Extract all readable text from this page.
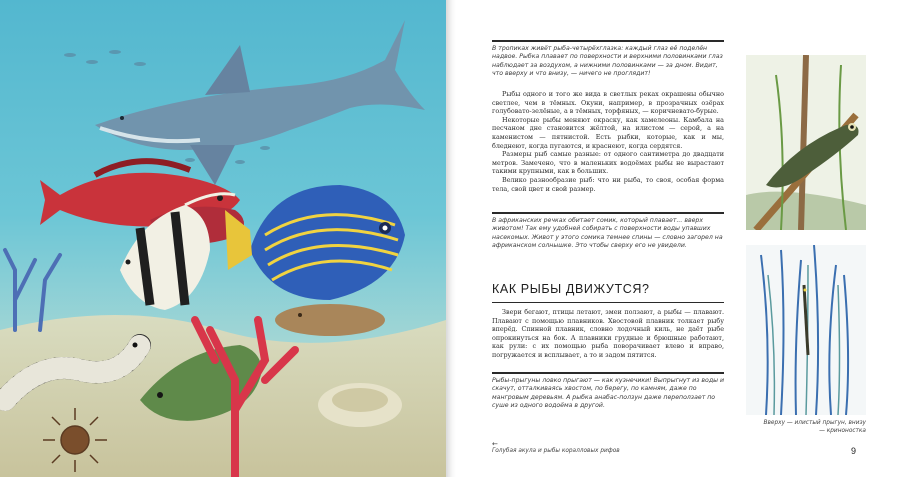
В тропиках живёт рыба-четырёхглазка: каждый глаз её поделён надвое. Рыбка плавает по поверхности и верхними половинками глаз наблюдает за воздухом, а нижними половинками — за дном. Видит, что вверху и что внизу, — ничего не проглядит!

Рыбы одного и того же вида в светлых реках окрашены обычно светлее, чем в тёмных. Окуни, например, в прозрачных озёрах голубовато-зелёные, а в тёмных, торфяных, — коричневато-бурые.

Некоторые рыбы меняют окраску, как хамелеоны. Камбала на песчаном дне становится жёлтой, на илистом — серой, а на каменистом — пятнистой. Есть рыбки, которые, как и мы, бледнеют, когда пугаются, и краснеют, когда сердятся.

Размеры рыб самые разные: от одного сантиметра до двадцати метров. Замечено, что в маленьких водоёмах рыбы не вырастают такими крупными, как в больших.

Велико разнообразие рыб: что ни рыба, то своя, особая форма тела, свой цвет и свой размер.

В африканских речках обитает сомик, который плавает... вверх животом! Так ему удобней собирать с поверхности воды упавших насекомых. Живот у этого сомика темнее спины — словно загорел на африканском солнышке. Это чтобы сверху его не увидели.
КАК РЫБЫ ДВИЖУТСЯ?

Звери бегают, птицы летают, змеи ползают, а рыбы — плавают. Плавают с помощью плавников. Хвостовой плавник толкает рыбу вперёд. Спинной плавник, словно лодочный киль, не даёт рыбе опрокинуться на бок. А плавники грудные и брюшные работают, как рули: с их помощью рыба поворачивает влево и вправо, погружается и всплывает, а то и задом пятится.

Рыбы-прыгуны ловко прыгают — как кузнечики! Выпрыгнут из воды и скачут, отталкиваясь хвостом, по берегу, по камням, даже по мангровым деревьям. А рыбка анабас-ползун даже переползает по суше из одного водоёма в другой.
←
Голубая акула и рыбы коралловых рифов
Вверху — илистый прыгун, внизу — криноностка
9
